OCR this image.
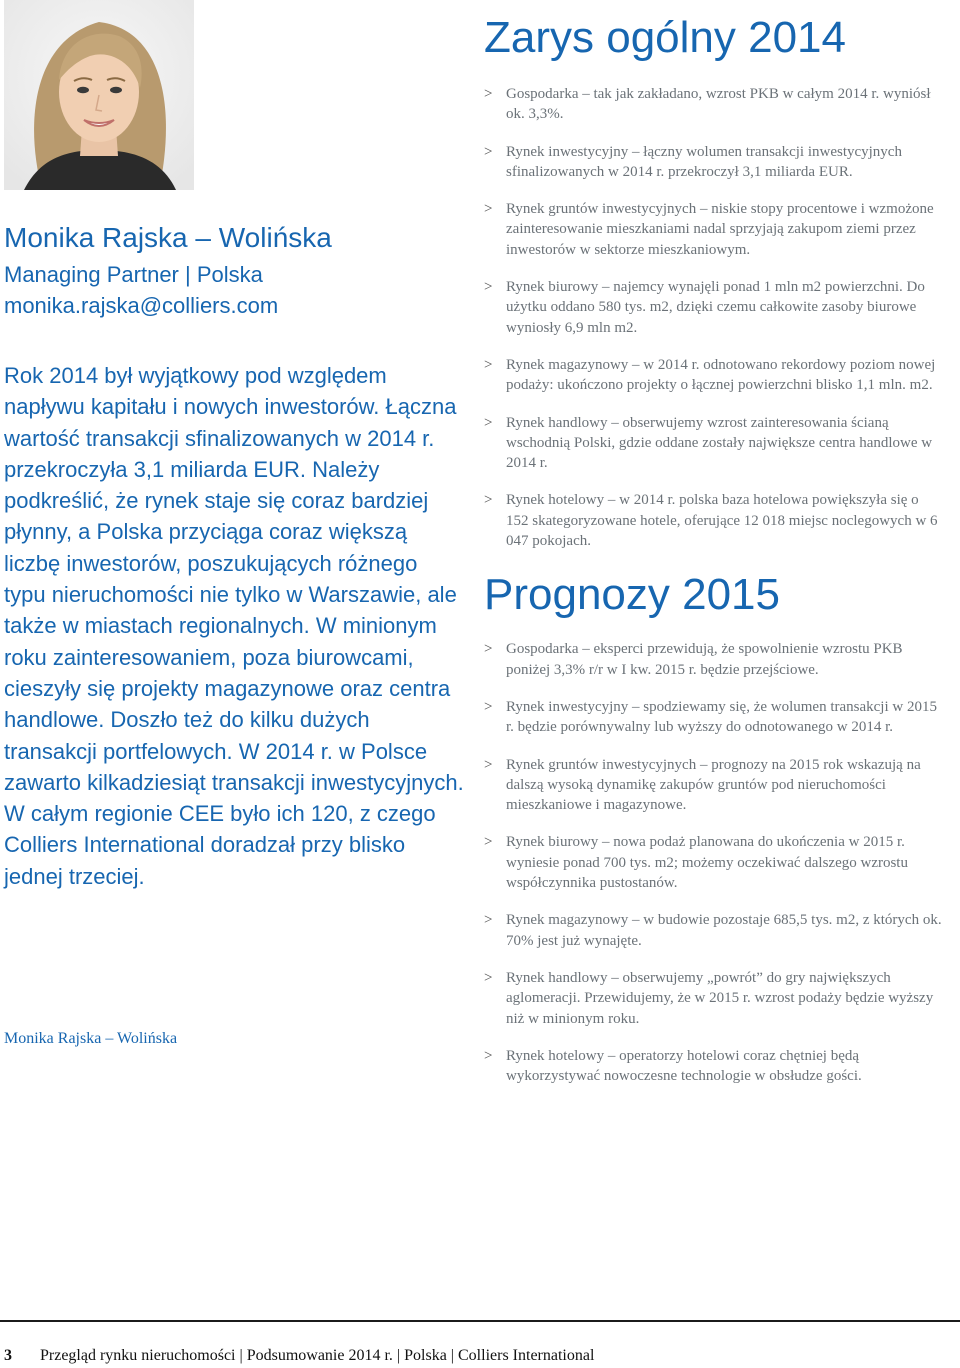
Monika Rajska – Wolińska
Managing Partner | Polska
monika.rajska@colliers.com

Rok 2014 był wyjątkowy pod względem napływu kapitału i nowych inwestorów. Łączna wartość transakcji sfinalizowanych w 2014 r. przekroczyła 3,1 miliarda EUR. Należy podkreślić, że rynek staje się coraz bardziej płynny, a Polska przyciąga coraz większą liczbę inwestorów, poszukujących różnego typu nieruchomości nie tylko w Warszawie, ale także w miastach regionalnych. W minionym roku zainteresowaniem, poza biurowcami, cieszyły się projekty magazynowe oraz centra handlowe. Doszło też do kilku dużych transakcji portfelowych. W 2014 r. w Polsce zawarto kilkadziesiąt transakcji inwestycyjnych. W całym regionie CEE było ich 120, z czego Colliers International doradzał przy blisko jednej trzeciej.

Monika Rajska – Wolińska
Zarys ogólny 2014
> Gospodarka – tak jak zakładano, wzrost PKB w całym 2014 r. wyniósł ok. 3,3%.
> Rynek inwestycyjny – łączny wolumen transakcji inwestycyjnych sfinalizowanych w 2014 r. przekroczył 3,1 miliarda EUR.
> Rynek gruntów inwestycyjnych – niskie stopy procentowe i wzmożone zainteresowanie mieszkaniami nadal sprzyjają zakupom ziemi przez inwestorów w sektorze mieszkaniowym.
> Rynek biurowy – najemcy wynajęli ponad 1 mln m2 powierzchni. Do użytku oddano 580 tys. m2, dzięki czemu całkowite zasoby biurowe wyniosły 6,9 mln m2.
> Rynek magazynowy – w 2014 r. odnotowano rekordowy poziom nowej podaży: ukończono projekty o łącznej powierzchni blisko 1,1 mln. m2.
> Rynek handlowy – obserwujemy wzrost zainteresowania ścianą wschodnią Polski, gdzie oddane zostały największe centra handlowe w 2014 r.
> Rynek hotelowy – w 2014 r. polska baza hotelowa powiększyła się o 152 skategoryzowane hotele, oferujące 12 018 miejsc noclegowych w 6 047 pokojach.
Prognozy 2015
> Gospodarka – eksperci przewidują, że spowolnienie wzrostu PKB poniżej 3,3% r/r w I kw. 2015 r. będzie przejściowe.
> Rynek inwestycyjny – spodziewamy się, że wolumen transakcji w 2015 r. będzie porównywalny lub wyższy do odnotowanego w 2014 r.
> Rynek gruntów inwestycyjnych – prognozy na 2015 rok wskazują na dalszą wysoką dynamikę zakupów gruntów pod nieruchomości mieszkaniowe i magazynowe.
> Rynek biurowy – nowa podaż planowana do ukończenia w 2015 r. wyniesie ponad 700 tys. m2; możemy oczekiwać dalszego wzrostu współczynnika pustostanów.
> Rynek magazynowy – w budowie pozostaje 685,5 tys. m2, z których ok. 70% jest już wynajęte.
> Rynek handlowy – obserwujemy „powrót” do gry największych aglomeracji. Przewidujemy, że w 2015 r. wzrost podaży będzie wyższy niż w minionym roku.
> Rynek hotelowy – operatorzy hotelowi coraz chętniej będą wykorzystywać nowoczesne technologie w obsłudze gości.
3 Przegląd rynku nieruchomości | Podsumowanie 2014 r. | Polska | Colliers International
